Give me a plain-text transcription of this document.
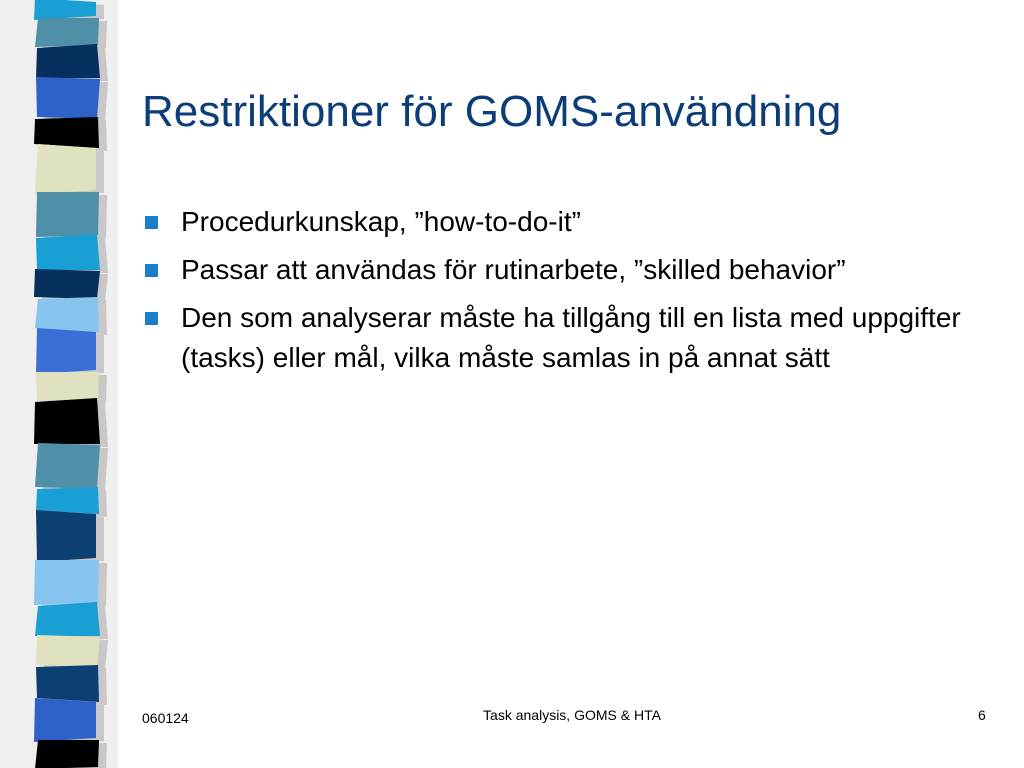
Restriktioner för GOMS-användning
Procedurkunskap, ”how-to-do-it”
Passar att användas för rutinarbete, ”skilled behavior”
Den som analyserar måste ha tillgång till en lista med uppgifter (tasks) eller mål, vilka måste samlas in på annat sätt
060124	Task analysis, GOMS & HTA	6
